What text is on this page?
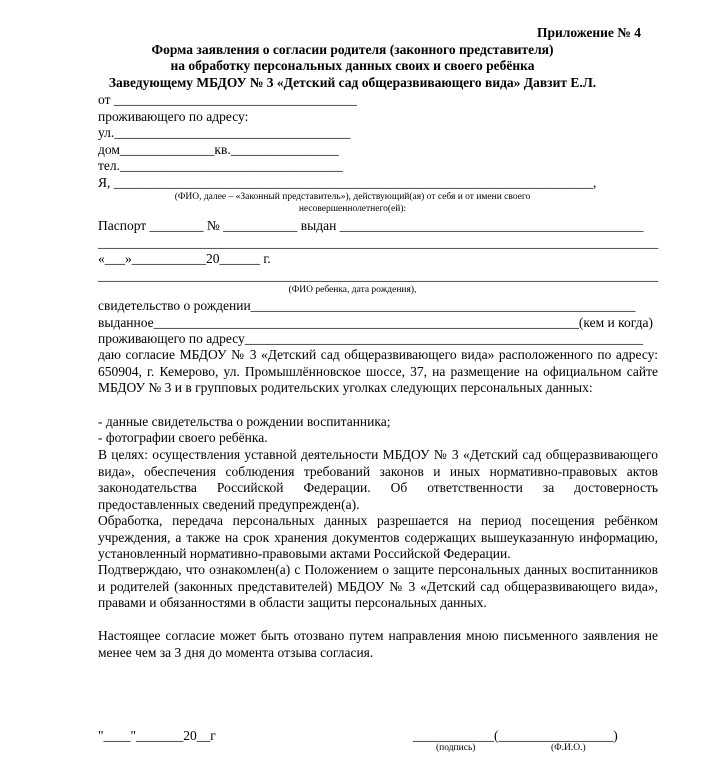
Приложение № 4
Форма заявления о согласии родителя (законного представителя)
на обработку персональных данных своих и своего ребёнка
Заведующему МБДОУ № 3 «Детский сад общеразвивающего вида» Давзит Е.Л.
от ____________________________________
проживающего по адресу:
ул.___________________________________
дом______________кв.________________
тел._________________________________
Я, _______________________________________________________________________,
(ФИО, далее – «Законный представитель»), действующий(ая) от себя и от имени своего
несовершеннолетнего(ей):
Паспорт ________ № ___________ выдан _____________________________________________
___________________________________________________________________________________
«___»___________20______ г.
___________________________________________________________________________________
(ФИО ребенка, дата рождения),
свидетельство о рождении_________________________________________________________
выданное_______________________________________________________________(кем и когда)
проживающего по адресу___________________________________________________________
даю согласие МБДОУ № 3 «Детский сад общеразвивающего вида» расположенного по адресу: 650904, г. Кемерово, ул. Промышлённовское шоссе, 37, на размещение на официальном сайте МБДОУ № 3 и в групповых родительских уголках следующих персональных данных:
- данные свидетельства о рождении воспитанника;
- фотографии своего ребёнка.
В целях: осуществления уставной деятельности МБДОУ № 3 «Детский сад общеразвивающего вида», обеспечения соблюдения требований законов и иных нормативно-правовых актов законодательства Российской Федерации. Об ответственности за достоверность предоставленных сведений предупрежден(а).
Обработка, передача персональных данных разрешается на период посещения ребёнком учреждения, а также на срок хранения документов содержащих вышеуказанную информацию, установленный нормативно-правовыми актами Российской Федерации.
Подтверждаю, что ознакомлен(а) с Положением о защите персональных данных воспитанников и родителей (законных представителей) МБДОУ № 3 «Детский сад общеразвивающего вида», правами и обязанностями в области защиты персональных данных.
Настоящее согласие может быть отозвано путем направления мною письменного заявления не менее чем за 3 дня до момента отзыва согласия.
"____"_______20__г	____________(_________________)
(подпись)	(Ф.И.О.)
